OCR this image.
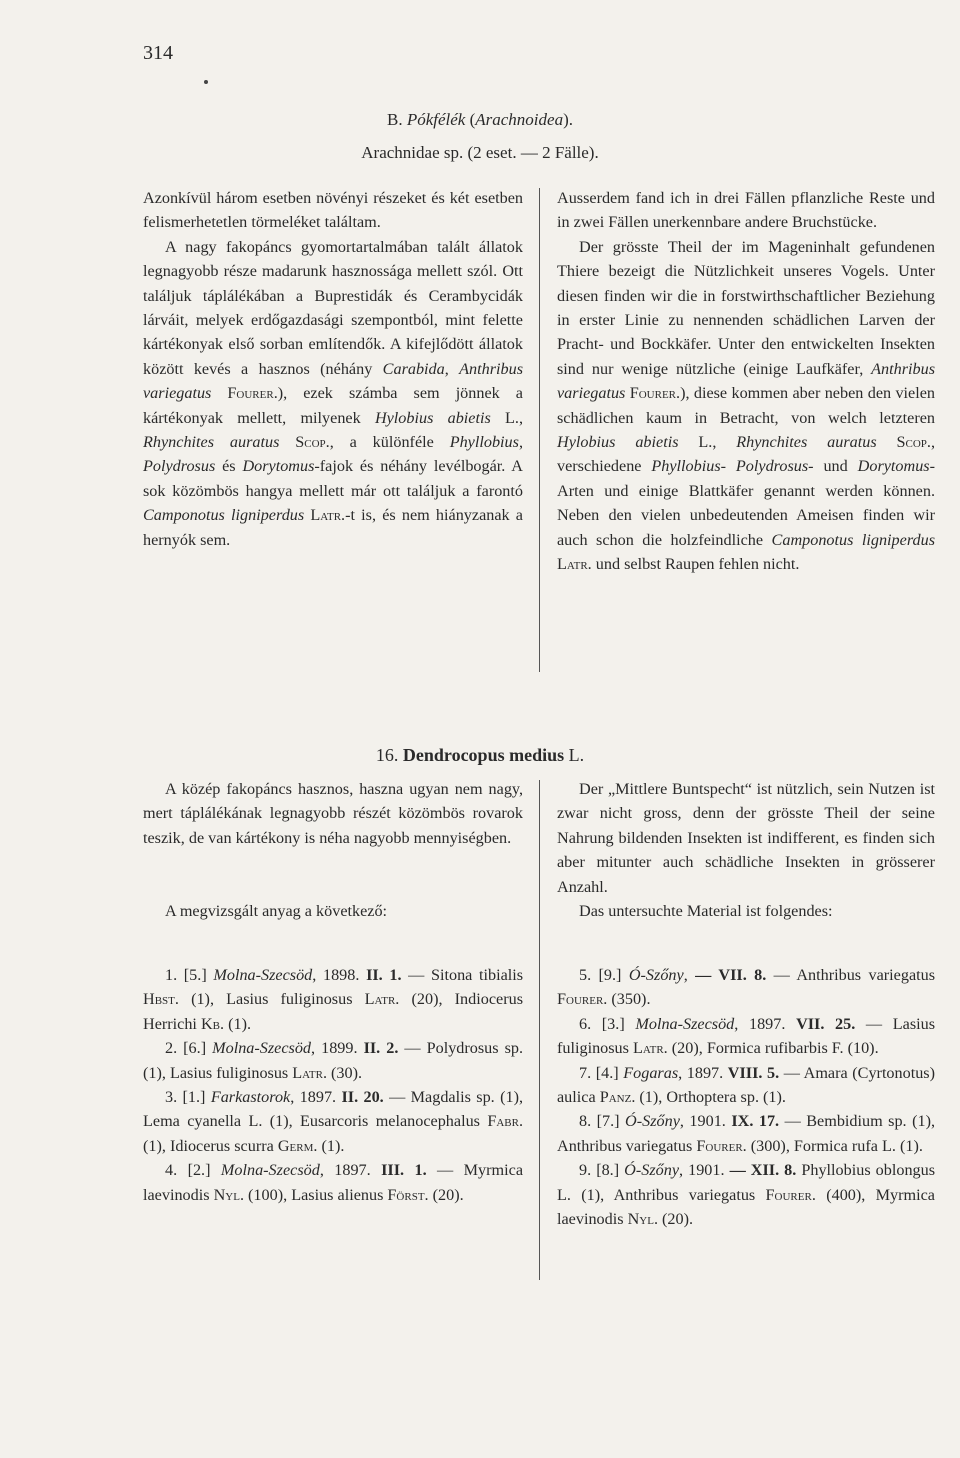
314
B. Pókfélék (Arachnoidea).
Arachnidae sp. (2 eset. — 2 Fälle).

Azonkívül három esetben növényi részeket és két esetben felismerhetetlen törmeléket találtam.

A nagy fakopáncs gyomortartalmában talált állatok legnagyobb része madarunk hasznossága mellett szól. Ott találjuk táplálékában a Buprestidák és Cerambycidák lárváit, melyek erdőgazdasági szempontból, mint felette kártékonyak első sorban említendők. A kifejlődött állatok között kevés a hasznos (néhány Carabida, Anthribus variegatus Fourer.), ezek számba sem jönnek a kártékonyak mellett, milyenek Hylobius abietis L., Rhynchites auratus Scop., a különféle Phyllobius, Polydrosus és Dorytomus-fajok és néhány levélbogár. A sok közömbös hangya mellett már ott találjuk a farontó Camponotus ligniperdus Latr.-t is, és nem hiányzanak a hernyók sem.

Ausserdem fand ich in drei Fällen pflanzliche Reste und in zwei Fällen unerkennbare andere Bruchstücke.

Der grösste Theil der im Mageninhalt gefundenen Thiere bezeigt die Nützlichkeit unseres Vogels. Unter diesen finden wir die in forstwirthschaftlicher Beziehung in erster Linie zu nennenden schädlichen Larven der Pracht- und Bockkäfer. Unter den entwickelten Insekten sind nur wenige nützliche (einige Laufkäfer, Anthribus variegatus Fourer.), diese kommen aber neben den vielen schädlichen kaum in Betracht, von welch letzteren Hylobius abietis L., Rhynchites auratus Scop., verschiedene Phyllobius- Polydrosus- und Dorytomus-Arten und einige Blattkäfer genannt werden können. Neben den vielen unbedeutenden Ameisen finden wir auch schon die holzfeindliche Camponotus ligniperdus Latr. und selbst Raupen fehlen nicht.

16. Dendrocopus medius L.

A közép fakopáncs hasznos, haszna ugyan nem nagy, mert táplálékának legnagyobb részét közömbös rovarok teszik, de van kártékony is néha nagyobb mennyiségben.

A megvizsgált anyag a következő:

Der „Mittlere Buntspecht“ ist nützlich, sein Nutzen ist zwar nicht gross, denn der grösste Theil der seine Nahrung bildenden Insekten ist indifferent, es finden sich aber mitunter auch schädliche Insekten in grösserer Anzahl.

Das untersuchte Material ist folgendes:

1. [5.] Molna-Szecsöd, 1898. II. 1. — Sitona tibialis Hbst. (1), Lasius fuliginosus Latr. (20), Indiocerus Herrichi Kb. (1).

2. [6.] Molna-Szecsöd, 1899. II. 2. — Polydrosus sp. (1), Lasius fuliginosus Latr. (30).

3. [1.] Farkastorok, 1897. II. 20. — Magdalis sp. (1), Lema cyanella L. (1), Eusarcoris melanocephalus Fabr. (1), Idiocerus scurra Germ. (1).

4. [2.] Molna-Szecsöd, 1897. III. 1. — Myrmica laevinodis Nyl. (100), Lasius alienus Först. (20).

5. [9.] Ó-Szőny, — VII. 8. — Anthribus variegatus Fourer. (350).

6. [3.] Molna-Szecsöd, 1897. VII. 25. — Lasius fuliginosus Latr. (20), Formica rufibarbis F. (10).

7. [4.] Fogaras, 1897. VIII. 5. — Amara (Cyrtonotus) aulica Panz. (1), Orthoptera sp. (1).

8. [7.] Ó-Szőny, 1901. IX. 17. — Bembidium sp. (1), Anthribus variegatus Fourer. (300), Formica rufa L. (1).

9. [8.] Ó-Szőny, 1901. — XII. 8. Phyllobius oblongus L. (1), Anthribus variegatus Fourer. (400), Myrmica laevinodis Nyl. (20).
